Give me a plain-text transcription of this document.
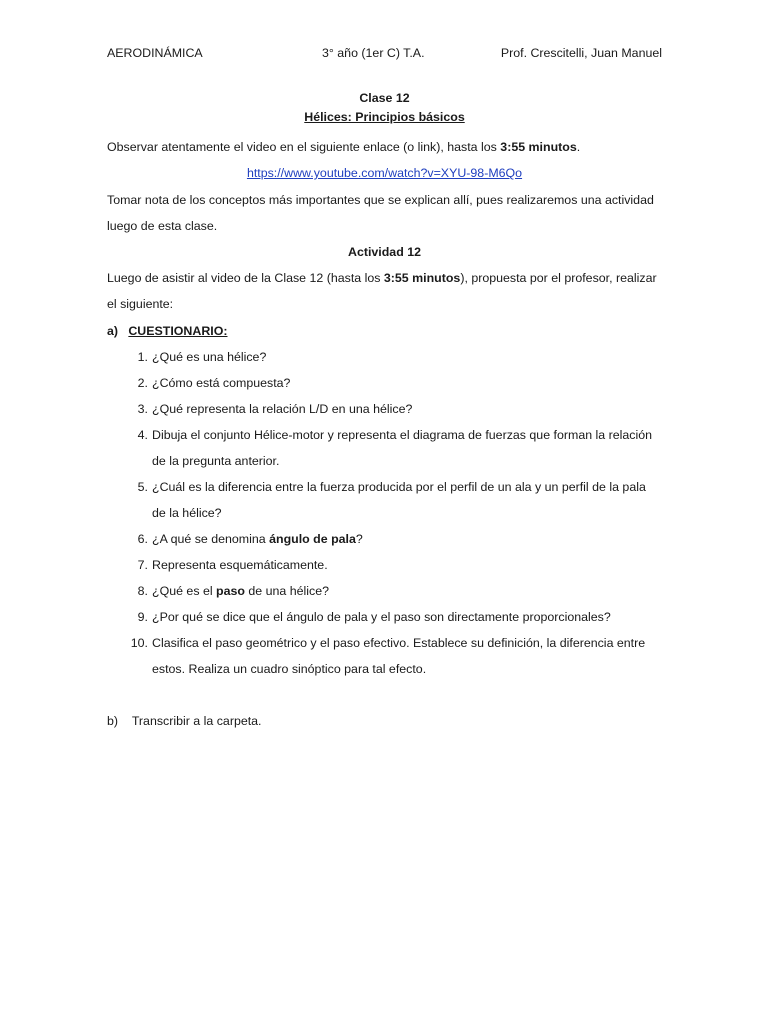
AERODINÁMICA	3° año (1er C) T.A.	Prof. Crescitelli, Juan Manuel
Clase 12
Hélices: Principios básicos
Observar atentamente el video en el siguiente enlace (o link), hasta los 3:55 minutos.
https://www.youtube.com/watch?v=XYU-98-M6Qo
Tomar nota de los conceptos más importantes que se explican allí, pues realizaremos una actividad
luego de esta clase.
Actividad 12
Luego de asistir al video de la Clase 12 (hasta los 3:55 minutos), propuesta por el profesor, realizar
el siguiente:
a) CUESTIONARIO:
1. ¿Qué es una hélice?
2. ¿Cómo está compuesta?
3. ¿Qué representa la relación L/D en una hélice?
4. Dibuja el conjunto Hélice-motor y representa el diagrama de fuerzas que forman la relación
de la pregunta anterior.
5. ¿Cuál es la diferencia entre la fuerza producida por el perfil de un ala y un perfil de la pala
de la hélice?
6. ¿A qué se denomina ángulo de pala?
7. Representa esquemáticamente.
8. ¿Qué es el paso de una hélice?
9. ¿Por qué se dice que el ángulo de pala y el paso son directamente proporcionales?
10. Clasifica el paso geométrico y el paso efectivo. Establece su definición, la diferencia entre
estos. Realiza un cuadro sinóptico para tal efecto.
b) Transcribir a la carpeta.
